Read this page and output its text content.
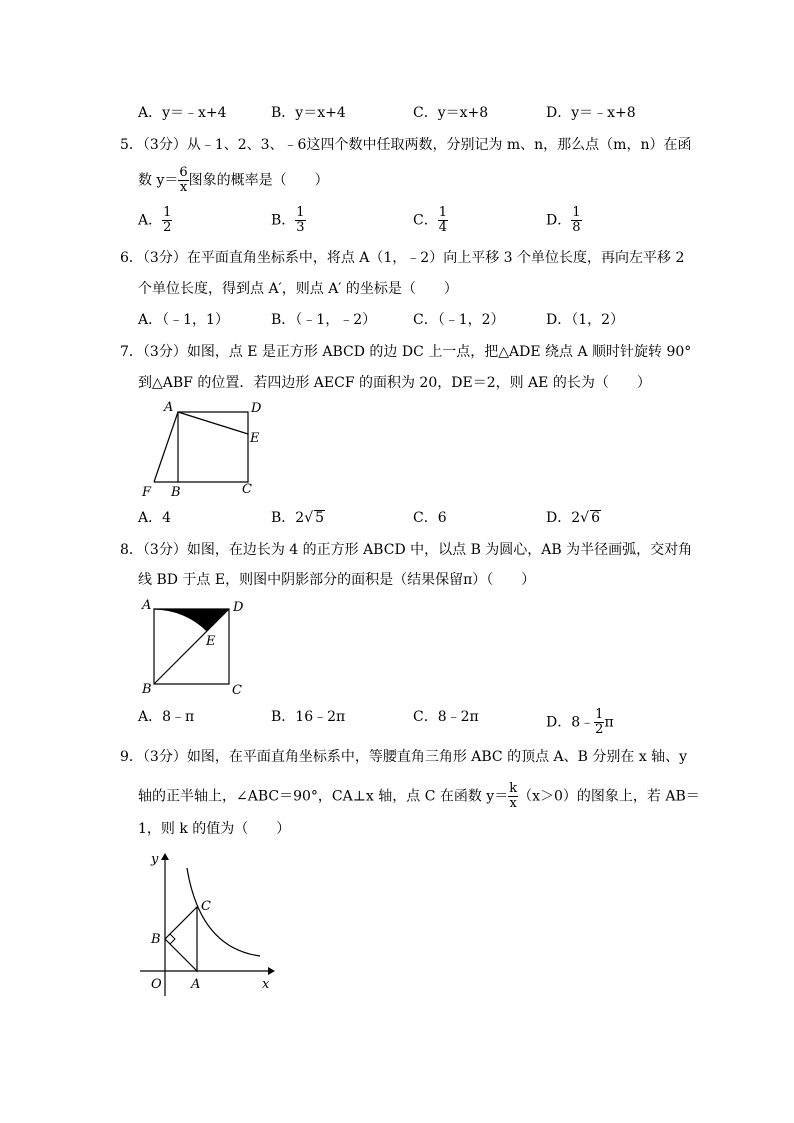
A．y＝﹣x+4	B．y＝x+4	C．y＝x+8	D．y＝﹣x+8
5．（3分）从﹣1、2、3、﹣6这四个数中任取两数，分别记为 m、n，那么点（m，n）在函
数 $y= \frac{6}{x}$ 图象的概率是（　　）
A． $\frac{1}{2}$	B． $\frac{1}{3}$	C． $\frac{1}{4}$	D． $\frac{1}{8}$
6．（3分）在平面直角坐标系中，将点 A（1，﹣2）向上平移 3 个单位长度，再向左平移 2
个单位长度，得到点 A′，则点 A′ 的坐标是（　　）
A．（﹣1，1）	B．（﹣1，﹣2）	C．（﹣1，2）	D．（1，2）
7．（3分）如图，点 E 是正方形 ABCD 的边 DC 上一点，把△ADE 绕点 A 顺时针旋转 90°
到△ABF 的位置．若四边形 AECF 的面积为 20，DE＝2，则 AE 的长为（　　）
A	D
E
F B	C
A．4	B．2√ 5	C．6	D．2√ 6
8．（3分）如图，在边长为 4 的正方形 ABCD 中，以点 B 为圆心，AB 为半径画弧，交对角
线 BD 于点 E，则图中阴影部分的面积是（结果保留π）（　　）
A	D
E
B	C
A．8﹣π	B．16﹣2π	C．8﹣2π	D．8﹣ $\frac{1}{2}$ π
9．（3分）如图，在平面直角坐标系中，等腰直角三角形 ABC 的顶点 A、B 分别在 x 轴、y
轴的正半轴上，∠ABC＝90°，CA⊥x 轴，点 C 在函数 $y= \frac{k}{x} (x>0)$的图象上，若 AB＝
1，则 k 的值为（　　）
y
x
O A
B
C
